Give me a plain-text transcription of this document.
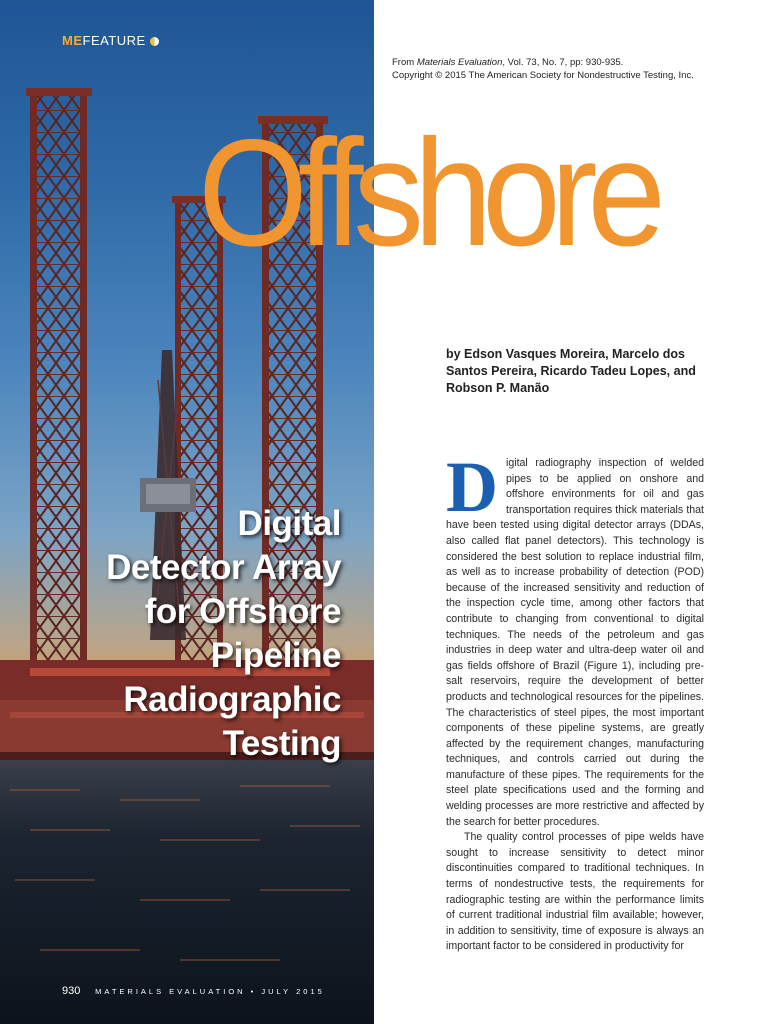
MEFEATURE
From Materials Evaluation, Vol. 73, No. 7, pp: 930-935.
Copyright © 2015 The American Society for Nondestructive Testing, Inc.
Offshore
Digital
Detector Array
for Offshore
Pipeline
Radiographic
Testing
by Edson Vasques Moreira, Marcelo dos Santos Pereira, Ricardo Tadeu Lopes, and Robson P. Manão

Digital radiography inspection of welded pipes to be applied on onshore and offshore environments for oil and gas transportation requires thick materials that have been tested using digital detector arrays (DDAs, also called flat panel detectors). This technology is considered the best solution to replace industrial film, as well as to increase probability of detection (POD) because of the increased sensitivity and reduction of the inspection cycle time, among other factors that contribute to changing from conventional to digital techniques. The needs of the petroleum and gas industries in deep water and ultra-deep water oil and gas fields offshore of Brazil (Figure 1), including pre-salt reservoirs, require the development of better products and technological resources for the pipelines. The characteristics of steel pipes, the most important components of these pipeline systems, are greatly affected by the requirement changes, manufacturing techniques, and controls carried out during the manufacture of these pipes. The requirements for the steel plate specifications used and the forming and welding processes are more restrictive and affected by the search for better procedures.

The quality control processes of pipe welds have sought to increase sensitivity to detect minor discontinuities compared to traditional techniques. In terms of nondestructive tests, the requirements for radiographic testing are within the performance limits of current traditional industrial film available; however, in addition to sensitivity, time of exposure is always an important factor to be considered in productivity for

930 MATERIALS EVALUATION • JULY 2015
